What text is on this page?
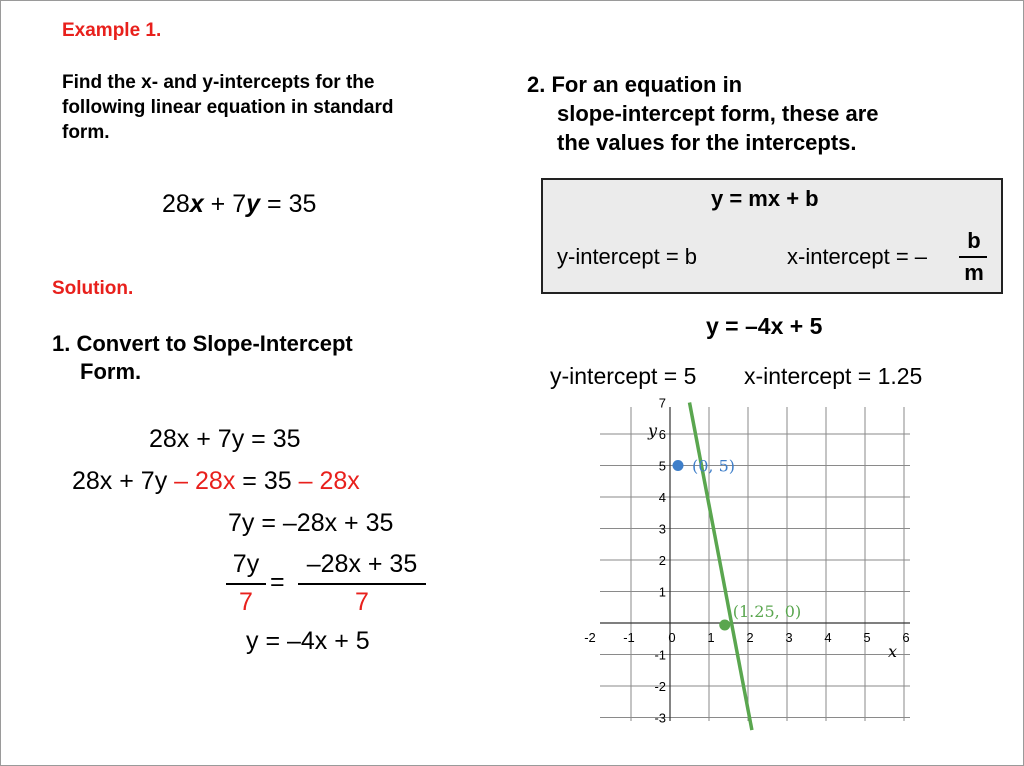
Example 1.
Find the x- and y-intercepts for the
following linear equation in standard
form.
28x + 7y = 35
Solution.
1. Convert to Slope-Intercept
Form.
28x + 7y = 35
28x + 7y – 28x = 35 – 28x
7y = –28x + 35
7y
7
=
–28x + 35
7
y = –4x + 5
2. For an equation in
slope-intercept form, these are
the values for the intercepts.
y = mx + b
y-intercept = b	x-intercept = –
b
m
y = –4x + 5
y-intercept = 5 x-intercept = 1.25
-2 -1	0 1 2 3 4 5 6
7
6
5
4
3
2
1
-1
-2
-3
x
y
(0, 5)
(1.25, 0)
